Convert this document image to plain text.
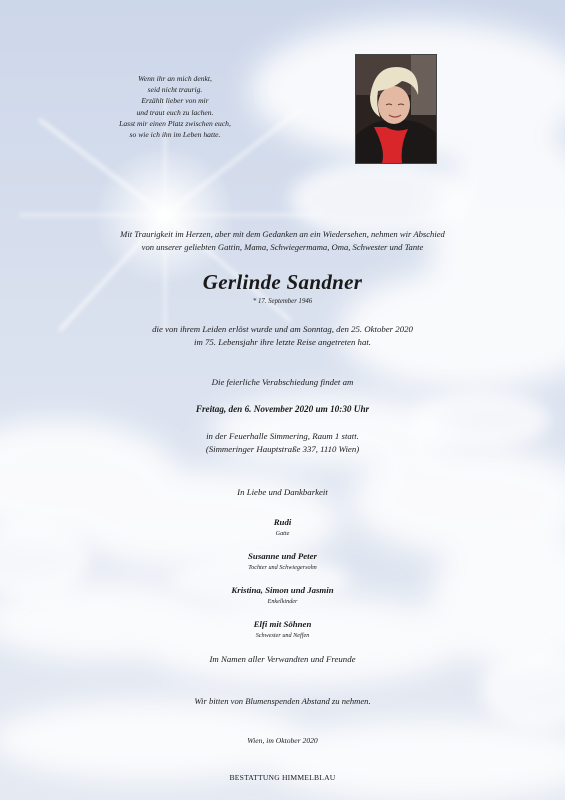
Wenn ihr an mich denkt,
seid nicht traurig.
Erzählt lieber von mir
und traut euch zu lachen.
Lasst mir einen Platz zwischen euch,
so wie ich ihn im Leben hatte.
Mit Traurigkeit im Herzen, aber mit dem Gedanken an ein Wiedersehen, nehmen wir Abschied
von unserer geliebten Gattin, Mama, Schwiegermama, Oma, Schwester und Tante
Gerlinde Sandner
* 17. September 1946
die von ihrem Leiden erlöst wurde und am Sonntag, den 25. Oktober 2020
im 75. Lebensjahr ihre letzte Reise angetreten hat.
Die feierliche Verabschiedung findet am
Freitag, den 6. November 2020 um 10:30 Uhr
in der Feuerhalle Simmering, Raum 1 statt.
(Simmeringer Hauptstraße 337, 1110 Wien)
In Liebe und Dankbarkeit
Rudi
Gatte
Susanne und Peter
Tochter und Schwiegersohn
Kristina, Simon und Jasmin
Enkelkinder
Elfi mit Söhnen
Schwester und Neffen
Im Namen aller Verwandten und Freunde
Wir bitten von Blumenspenden Abstand zu nehmen.
Wien, im Oktober 2020
BESTATTUNG HIMMELBLAU
